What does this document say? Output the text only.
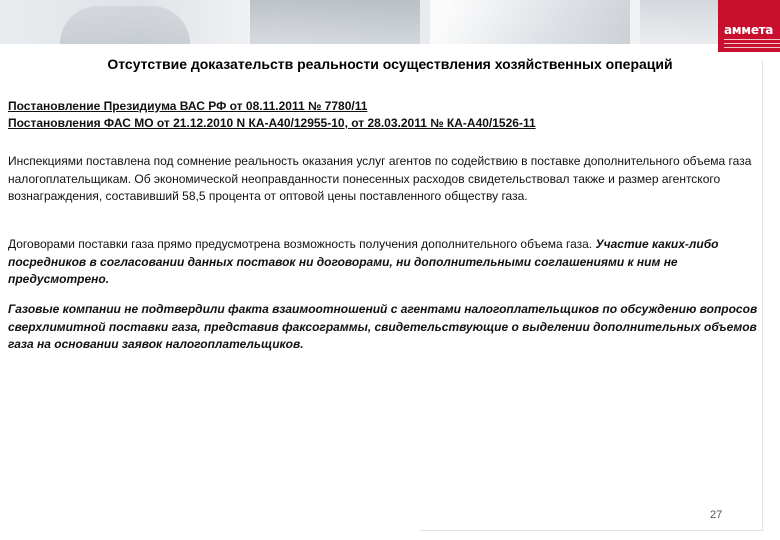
аммета
Отсутствие доказательств реальности осуществления хозяйственных операций
Постановление Президиума ВАС РФ от 08.11.2011 № 7780/11
Постановления ФАС МО от 21.12.2010 N КА-А40/12955-10, от 28.03.2011 № КА-А40/1526-11
Инспекциями поставлена под сомнение реальность оказания услуг агентов по содействию в поставке дополнительного объема газа налогоплательщикам. Об экономической неоправданности понесенных расходов свидетельствовал также и размер агентского вознаграждения, составивший 58,5 процента от оптовой цены поставленного обществу газа.
Договорами поставки газа прямо предусмотрена возможность получения дополнительного объема газа. Участие каких-либо посредников в согласовании данных поставок ни договорами, ни дополнительными соглашениями к ним не предусмотрено.
Газовые компании не подтвердили факта взаимоотношений с агентами налогоплательщиков по обсуждению вопросов сверхлимитной поставки газа, представив факсограммы, свидетельствующие о выделении дополнительных объемов газа на основании заявок налогоплательщиков.
27
